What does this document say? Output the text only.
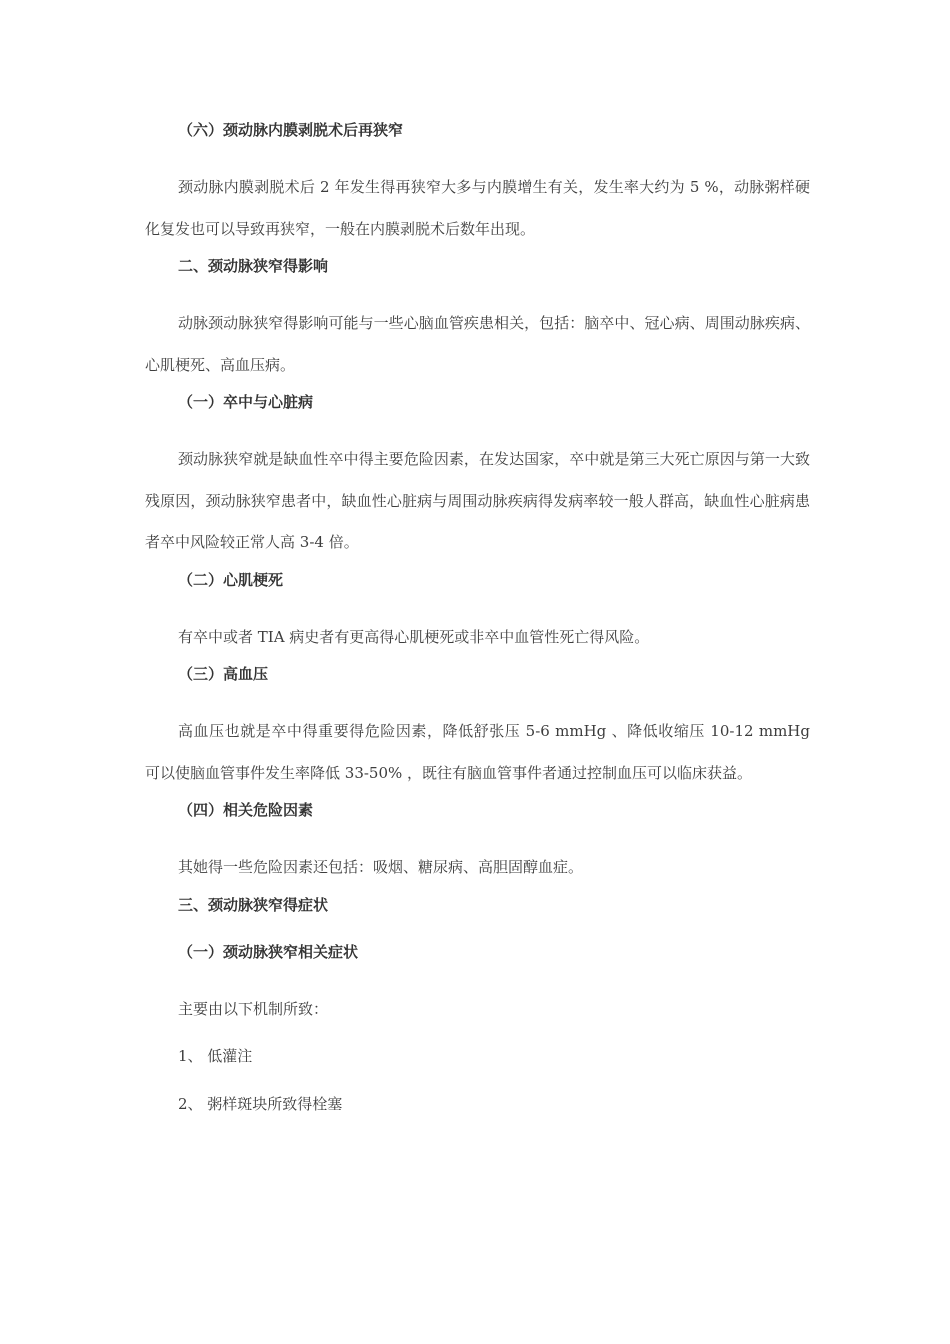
（六）颈动脉内膜剥脱术后再狭窄
颈动脉内膜剥脱术后 2 年发生得再狭窄大多与内膜增生有关，发生率大约为 5 %，动脉粥样硬化复发也可以导致再狭窄，一般在内膜剥脱术后数年出现。
二、颈动脉狭窄得影响
动脉颈动脉狭窄得影响可能与一些心脑血管疾患相关，包括：脑卒中、冠心病、周围动脉疾病、心肌梗死、高血压病。
（一）卒中与心脏病
颈动脉狭窄就是缺血性卒中得主要危险因素，在发达国家，卒中就是第三大死亡原因与第一大致残原因，颈动脉狭窄患者中，缺血性心脏病与周围动脉疾病得发病率较一般人群高，缺血性心脏病患者卒中风险较正常人高 3-4 倍。
（二）心肌梗死
有卒中或者 TIA 病史者有更高得心肌梗死或非卒中血管性死亡得风险。
（三）高血压
高血压也就是卒中得重要得危险因素，降低舒张压 5-6 mmHg 、降低收缩压 10-12 mmHg 可以使脑血管事件发生率降低 33-50% ，既往有脑血管事件者通过控制血压可以临床获益。
（四）相关危险因素
其她得一些危险因素还包括：吸烟、糖尿病、高胆固醇血症。
三、颈动脉狭窄得症状
（一）颈动脉狭窄相关症状
主要由以下机制所致：
1、 低灌注
2、 粥样斑块所致得栓塞
